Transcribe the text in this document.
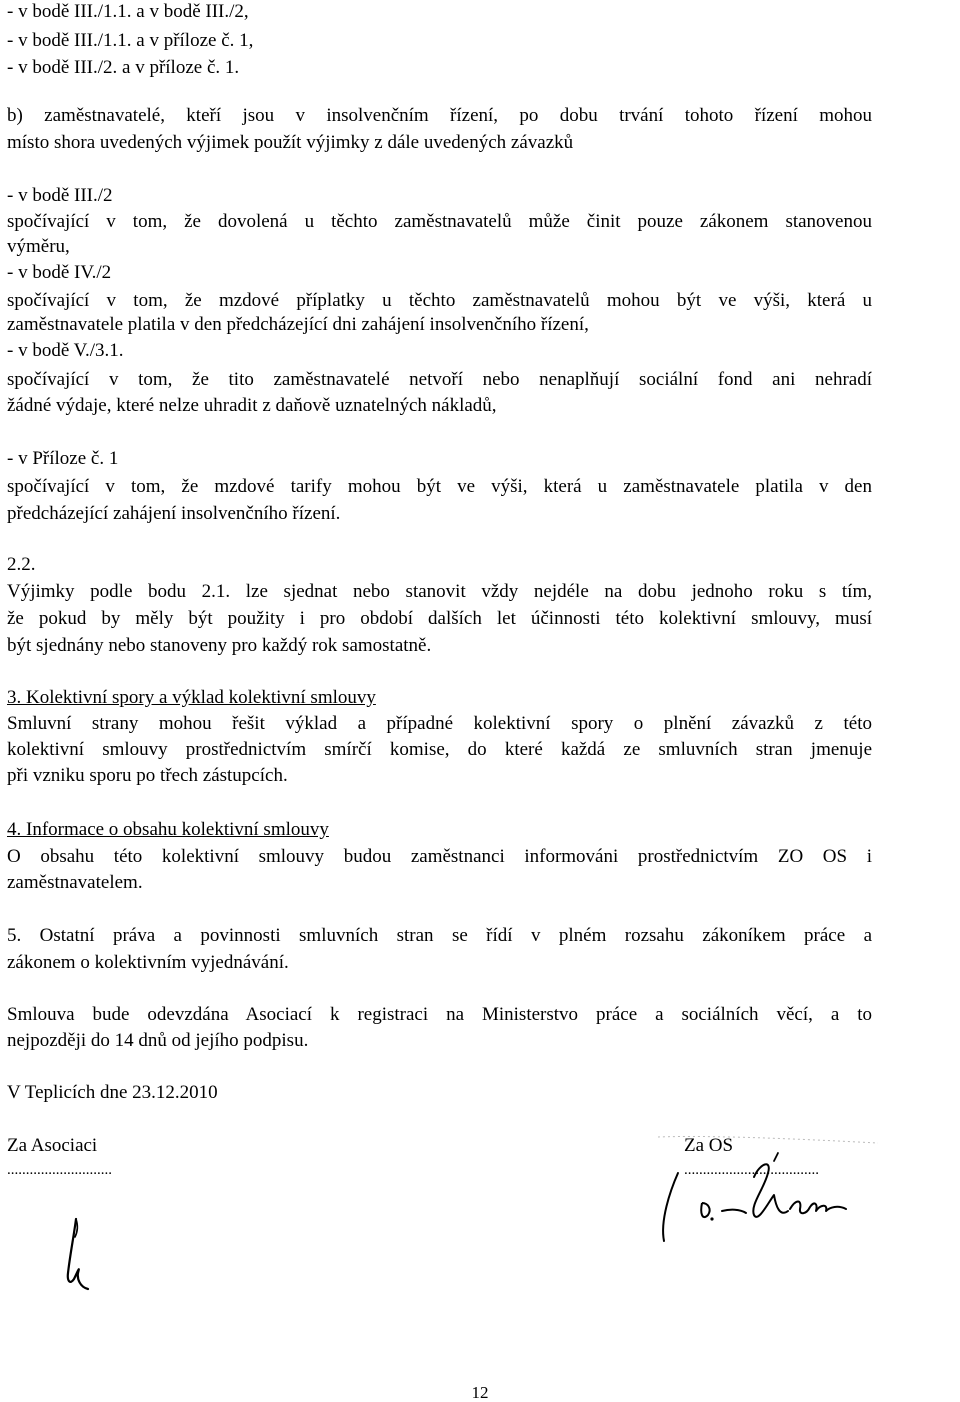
- v bodě III./1.1. a v bodě III./2,

- v bodě III./1.1. a v příloze č. 1,

- v bodě III./2. a v příloze č. 1.

b) zaměstnavatelé, kteří jsou v insolvenčním řízení, po dobu trvání tohoto řízení mohou

místo shora uvedených výjimek použít výjimky z dále uvedených závazků

- v bodě III./2

spočívající v tom, že dovolená u těchto zaměstnavatelů může činit pouze zákonem stanovenou

výměru,

- v bodě IV./2

spočívající v tom, že mzdové příplatky u těchto zaměstnavatelů mohou být ve výši, která u

zaměstnavatele platila v den předcházející dni zahájení insolvenčního řízení,

- v bodě V./3.1.

spočívající v tom, že tito zaměstnavatelé netvoří nebo nenaplňují sociální fond ani nehradí

žádné výdaje, které nelze uhradit z daňově uznatelných nákladů,

- v Příloze č. 1

spočívající v tom, že mzdové tarify mohou být ve výši, která u zaměstnavatele platila v den

předcházející zahájení insolvenčního řízení.

2.2.

Výjimky podle bodu 2.1. lze sjednat nebo stanovit vždy nejdéle na dobu jednoho roku s tím,

že pokud by měly být použity i pro období dalších let účinnosti této kolektivní smlouvy, musí

být sjednány nebo stanoveny pro každý rok samostatně.

3. Kolektivní spory a výklad kolektivní smlouvy

Smluvní strany mohou řešit výklad a případné kolektivní spory o plnění závazků z této

kolektivní smlouvy prostřednictvím smírčí komise, do které každá ze smluvních stran jmenuje

při vzniku sporu po třech zástupcích.

4. Informace o obsahu kolektivní smlouvy

O obsahu této kolektivní smlouvy budou zaměstnanci informováni prostřednictvím ZO OS i

zaměstnavatelem.

5. Ostatní práva a povinnosti smluvních stran se řídí v plném rozsahu zákoníkem práce a

zákonem o kolektivním vyjednávání.

Smlouva bude odevzdána Asociací k registraci na Ministerstvo práce a sociálních věcí, a to

nejpozději do 14 dnů od jejího podpisu.

V Teplicích dne 23.12.2010

Za Asociaci

............................

Za OS

....................................

12
